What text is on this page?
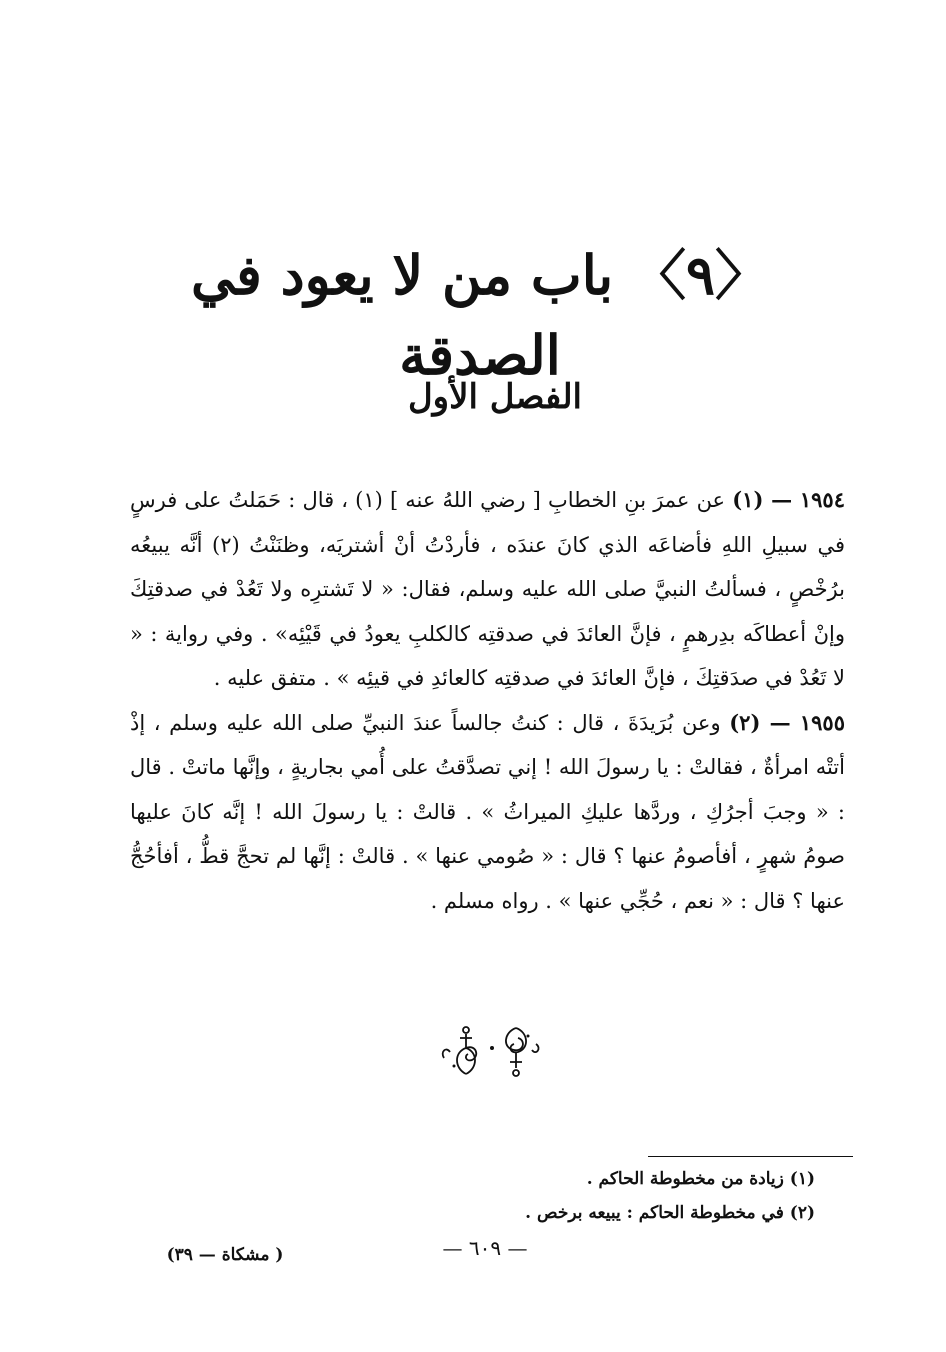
〈٩〉 باب من لا يعود في الصدقة
الفصل الأول

١٩٥٤ — (١) عن عمرَ بنِ الخطابِ [ رضي اللهُ عنه ] (١) ، قال : حَمَلتُ على فرسٍ في سبيلِ اللهِ فأضاعَه الذي كانَ عندَه ، فأردْتُ أنْ أشتريَه، وظنَنْتُ (٢) أنَّه يبيعُه برُخْصٍ ، فسألتُ النبيَّ صلى الله عليه وسلم، فقال: « لا تَشترِه ولا تَعُدْ في صدقتِكَ وإنْ أعطاكَه بدِرهمٍ ، فإنَّ العائدَ في صدقتِه كالكلبِ يعودُ في قَيْئِه» . وفي رواية : « لا تَعُدْ في صدَقتِكَ ، فإنَّ العائدَ في صدقتِه كالعائدِ في قيئِه » . متفق عليه .

١٩٥٥ — (٢) وعن بُرَيدَةَ ، قال : كنتُ جالساً عندَ النبيِّ صلى الله عليه وسلم ، إذْ أتتْه امرأةٌ ، فقالتْ : يا رسولَ الله ! إني تصدَّقتُ على أُمي بجاريةٍ ، وإنَّها ماتتْ . قال : « وجبَ أجرُكِ ، وردَّها عليكِ الميراثُ » . قالتْ : يا رسولَ الله ! إنَّه كانَ عليها صومُ شهرٍ ، أفأصومُ عنها ؟ قال : « صُومي عنها » . قالتْ : إنَّها لم تحجَّ قطُّ ، أفأحُجُّ عنها ؟ قال : « نعم ، حُجِّي عنها » . رواه مسلم .

(١) زيادة من مخطوطة الحاكم .

(٢) في مخطوطة الحاكم : يبيعه برخص .

— ٦٠٩ —
( مشكاة — ٣٩)
